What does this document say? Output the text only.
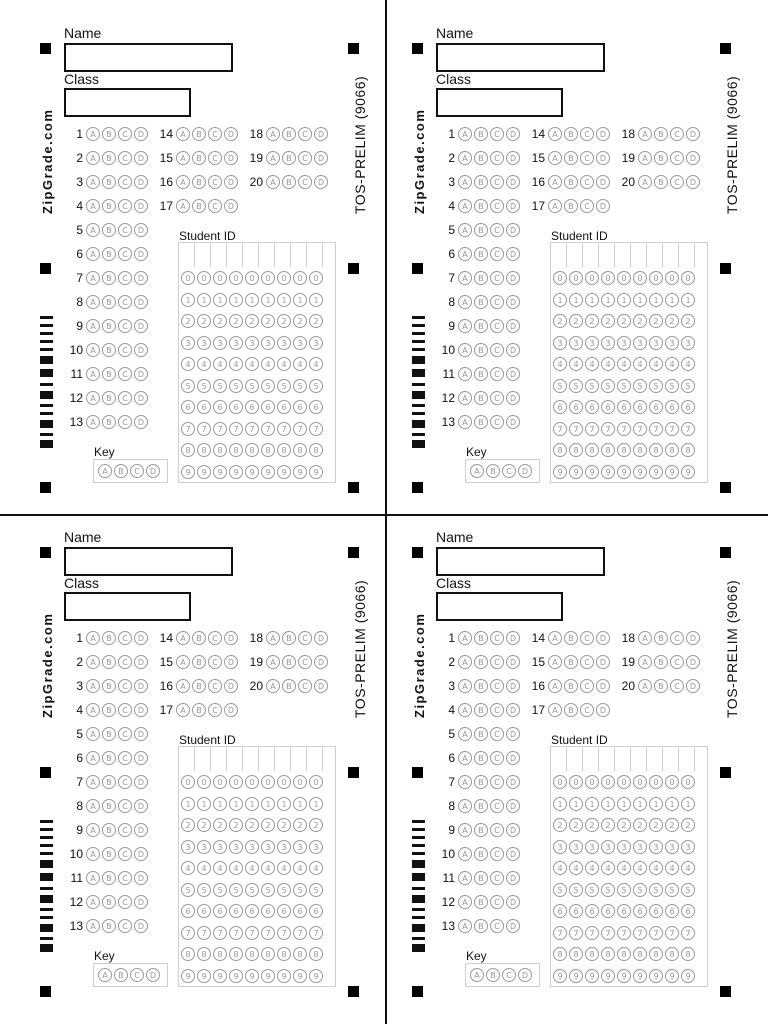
Name
Class
ZipGrade.com	TOS-PRELIM (9066)
1 A	B	C	D
2 A	B	C	D
3 A	B	C	D
4 A	B	C	D
5 A	B	C	D
6 A	B	C	D
7 A	B	C	D
8 A	B	C	D
9 A	B	C	D
10 A	B	C	D
11 A	B	C	D
12 A	B	C	D
13 A	B	C	D
14 A	B	C	D
15 A	B	C	D
16 A	B	C	D
17 A	B	C	D
18 A	B	C	D
19 A	B	C	D
20 A	B	C	D
Student ID
0	0	0	0	0	0	0	0	0
1	1	1	1	1	1	1	1	1
2	2	2	2	2	2	2	2	2
3	3	3	3	3	3	3	3	3
4	4	4	4	4	4	4	4	4
5	5	5	5	5	5	5	5	5
6	6	6	6	6	6	6	6	6
7	7	7	7	7	7	7	7	7
8	8	8	8	8	8	8	8	8
9	9	9	9	9	9	9	9	9
Key
A	B	C	D
Name
Class
ZipGrade.com	TOS-PRELIM (9066)
1 A	B	C	D
2 A	B	C	D
3 A	B	C	D
4 A	B	C	D
5 A	B	C	D
6 A	B	C	D
7 A	B	C	D
8 A	B	C	D
9 A	B	C	D
10 A	B	C	D
11 A	B	C	D
12 A	B	C	D
13 A	B	C	D
14 A	B	C	D
15 A	B	C	D
16 A	B	C	D
17 A	B	C	D
18 A	B	C	D
19 A	B	C	D
20 A	B	C	D
Student ID
0	0	0	0	0	0	0	0	0
1	1	1	1	1	1	1	1	1
2	2	2	2	2	2	2	2	2
3	3	3	3	3	3	3	3	3
4	4	4	4	4	4	4	4	4
5	5	5	5	5	5	5	5	5
6	6	6	6	6	6	6	6	6
7	7	7	7	7	7	7	7	7
8	8	8	8	8	8	8	8	8
9	9	9	9	9	9	9	9	9
Key
A	B	C	D
Name
Class
ZipGrade.com	TOS-PRELIM (9066)
1 A	B	C	D
2 A	B	C	D
3 A	B	C	D
4 A	B	C	D
5 A	B	C	D
6 A	B	C	D
7 A	B	C	D
8 A	B	C	D
9 A	B	C	D
10 A	B	C	D
11 A	B	C	D
12 A	B	C	D
13 A	B	C	D
14 A	B	C	D
15 A	B	C	D
16 A	B	C	D
17 A	B	C	D
18 A	B	C	D
19 A	B	C	D
20 A	B	C	D
Student ID
0	0	0	0	0	0	0	0	0
1	1	1	1	1	1	1	1	1
2	2	2	2	2	2	2	2	2
3	3	3	3	3	3	3	3	3
4	4	4	4	4	4	4	4	4
5	5	5	5	5	5	5	5	5
6	6	6	6	6	6	6	6	6
7	7	7	7	7	7	7	7	7
8	8	8	8	8	8	8	8	8
9	9	9	9	9	9	9	9	9
Key
A	B	C	D
Name
Class
ZipGrade.com	TOS-PRELIM (9066)
1 A	B	C	D
2 A	B	C	D
3 A	B	C	D
4 A	B	C	D
5 A	B	C	D
6 A	B	C	D
7 A	B	C	D
8 A	B	C	D
9 A	B	C	D
10 A	B	C	D
11 A	B	C	D
12 A	B	C	D
13 A	B	C	D
14 A	B	C	D
15 A	B	C	D
16 A	B	C	D
17 A	B	C	D
18 A	B	C	D
19 A	B	C	D
20 A	B	C	D
Student ID
0	0	0	0	0	0	0	0	0
1	1	1	1	1	1	1	1	1
2	2	2	2	2	2	2	2	2
3	3	3	3	3	3	3	3	3
4	4	4	4	4	4	4	4	4
5	5	5	5	5	5	5	5	5
6	6	6	6	6	6	6	6	6
7	7	7	7	7	7	7	7	7
8	8	8	8	8	8	8	8	8
9	9	9	9	9	9	9	9	9
Key
A	B	C	D
